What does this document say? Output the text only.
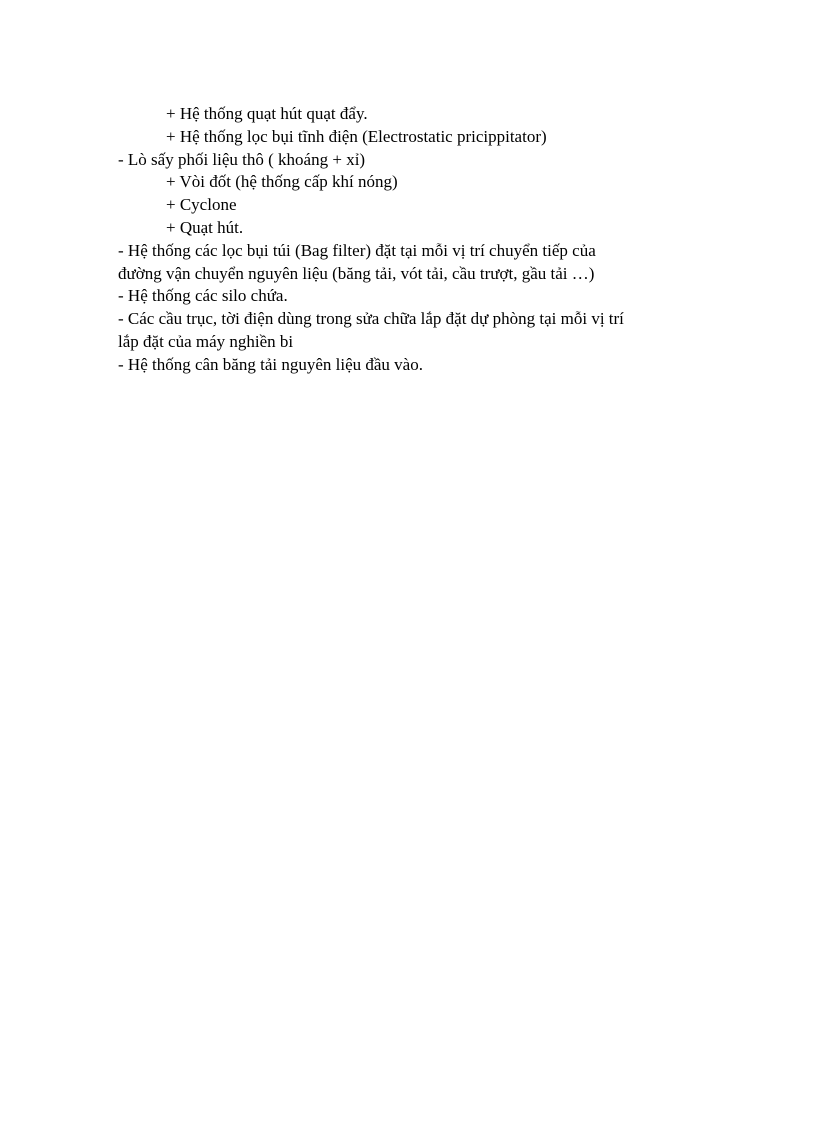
+ Hệ thống quạt hút quạt đẩy.
+ Hệ thống lọc bụi tĩnh điện (Electrostatic pricippitator)
- Lò sấy phối liệu thô ( khoáng + xỉ)
+ Vòi đốt (hệ thống cấp khí nóng)
+ Cyclone
+ Quạt hút.
- Hệ thống các lọc bụi túi (Bag filter) đặt tại mỗi vị trí chuyển tiếp của
đường vận chuyển nguyên liệu (băng tải, vót tải, cầu trượt, gầu tải …)
- Hệ thống các silo chứa.
- Các cầu trục, tời điện dùng trong sửa chữa lắp đặt dự phòng tại mỗi vị trí
lắp đặt của máy nghiền bi
- Hệ thống cân băng tải nguyên liệu đầu vào.
